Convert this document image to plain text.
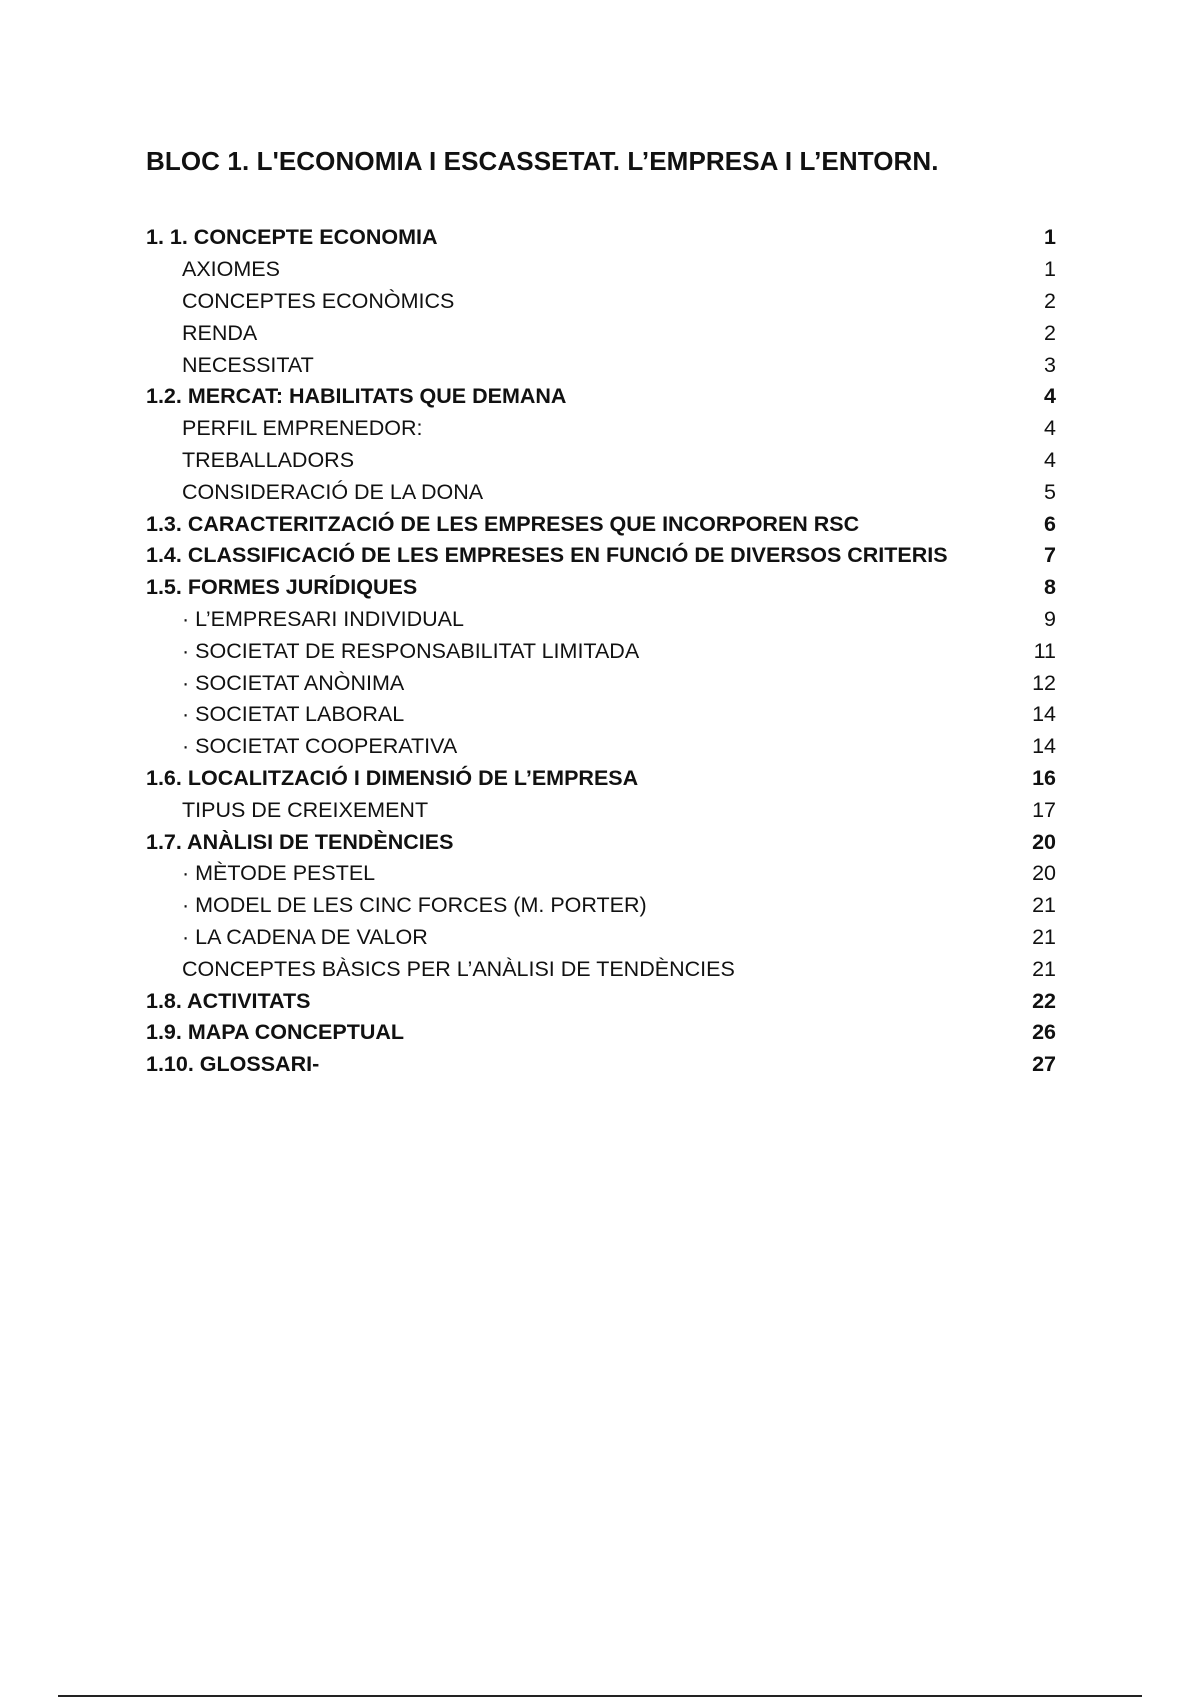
BLOC 1. L'ECONOMIA I ESCASSETAT. L’EMPRESA I L’ENTORN.
1. 1. CONCEPTE ECONOMIA	1
AXIOMES	1
CONCEPTES ECONÒMICS	2
RENDA	2
NECESSITAT	3
1.2. MERCAT: HABILITATS QUE DEMANA	4
PERFIL EMPRENEDOR:	4
TREBALLADORS	4
CONSIDERACIÓ DE LA DONA	5
1.3. CARACTERITZACIÓ DE LES EMPRESES QUE INCORPOREN RSC	6
1.4. CLASSIFICACIÓ DE LES EMPRESES EN FUNCIÓ DE DIVERSOS CRITERIS	7
1.5. FORMES JURÍDIQUES	8
· L’EMPRESARI INDIVIDUAL	9
· SOCIETAT DE RESPONSABILITAT LIMITADA	11
· SOCIETAT ANÒNIMA	12
· SOCIETAT LABORAL	14
· SOCIETAT COOPERATIVA	14
1.6. LOCALITZACIÓ I DIMENSIÓ DE L’EMPRESA	16
TIPUS DE CREIXEMENT	17
1.7. ANÀLISI DE TENDÈNCIES	20
· MÈTODE PESTEL	20
· MODEL DE LES CINC FORCES (M. PORTER)	21
· LA CADENA DE VALOR	21
CONCEPTES BÀSICS PER L’ANÀLISI DE TENDÈNCIES	21
1.8. ACTIVITATS	22
1.9. MAPA CONCEPTUAL	26
1.10. GLOSSARI-	27
